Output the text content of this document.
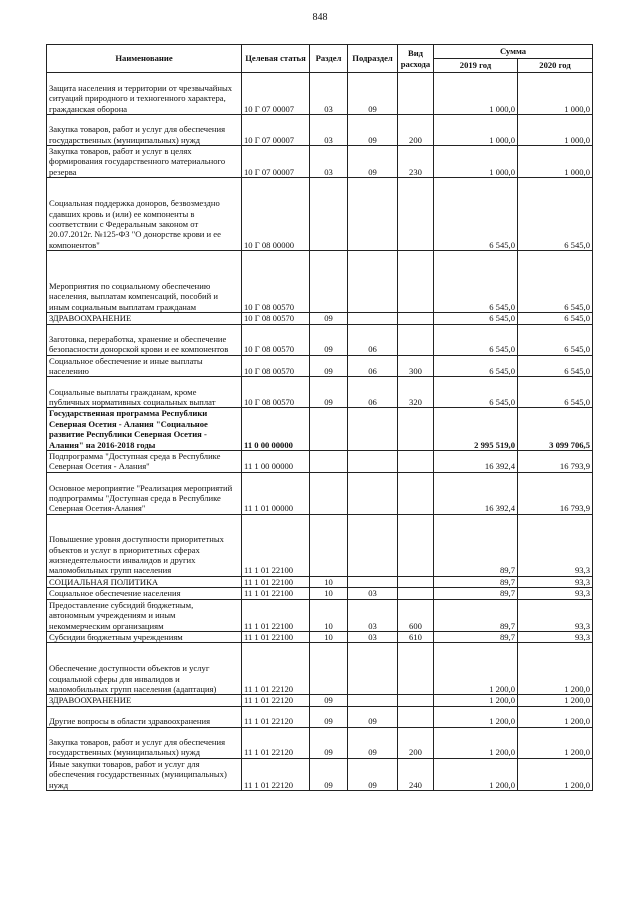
848
Наименование	Целевая статья	Раздел	Подраздел	Вид расхода	Сумма	
					2019 год	2020 год
Защита населения и территории от чрезвычайных ситуаций природного и техногенного характера, гражданская оборона	10 Г 07 00007	03	09		1 000,0	1 000,0
Закупка товаров, работ и услуг для обеспечения государственных (муниципальных) нужд	10 Г 07 00007	03	09	200	1 000,0	1 000,0
Закупка товаров, работ и услуг в целях формирования государственного материального резерва	10 Г 07 00007	03	09	230	1 000,0	1 000,0
Социальная поддержка доноров, безвозмездно сдавших кровь и (или) ее компоненты в соответствии с Федеральным законом от 20.07.2012г. №125-ФЗ "О донорстве крови и ее компонентов"	10 Г 08 00000				6 545,0	6 545,0
Мероприятия по социальному обеспечению населения, выплатам компенсаций, пособий и иным социальным выплатам гражданам	10 Г 08 00570				6 545,0	6 545,0
ЗДРАВООХРАНЕНИЕ	10 Г 08 00570	09			6 545,0	6 545,0
Заготовка, переработка, хранение и обеспечение безопасности донорской крови и ее компонентов	10 Г 08 00570	09	06		6 545,0	6 545,0
Социальное обеспечение и иные выплаты населению	10 Г 08 00570	09	06	300	6 545,0	6 545,0
Социальные выплаты гражданам, кроме публичных нормативных социальных выплат	10 Г 08 00570	09	06	320	6 545,0	6 545,0
Государственная программа Республики Северная Осетия - Алания "Социальное развитие Республики Северная Осетия - Алания" на 2016-2018 годы	11 0 00 00000				2 995 519,0	3 099 706,5
Подпрограмма "Доступная среда в Республике Северная Осетия - Алания"	11 1 00 00000				16 392,4	16 793,9
Основное мероприятие "Реализация мероприятий подпрограммы "Доступная среда в Республике Северная Осетия-Алания"	11 1 01 00000				16 392,4	16 793,9
Повышение уровня доступности приоритетных объектов и услуг в приоритетных сферах жизнедеятельности инвалидов и других маломобильных групп населения	11 1 01 22100				89,7	93,3
СОЦИАЛЬНАЯ ПОЛИТИКА	11 1 01 22100	10			89,7	93,3
Социальное обеспечение населения	11 1 01 22100	10	03		89,7	93,3
Предоставление субсидий бюджетным, автономным учреждениям и иным некоммерческим организациям	11 1 01 22100	10	03	600	89,7	93,3
Субсидии бюджетным учреждениям	11 1 01 22100	10	03	610	89,7	93,3
Обеспечение доступности объектов и услуг социальной сферы для инвалидов и маломобильных групп населения (адаптация)	11 1 01 22120				1 200,0	1 200,0
ЗДРАВООХРАНЕНИЕ	11 1 01 22120	09			1 200,0	1 200,0
Другие вопросы в области здравоохранения	11 1 01 22120	09	09		1 200,0	1 200,0
Закупка товаров, работ и услуг для обеспечения государственных (муниципальных) нужд	11 1 01 22120	09	09	200	1 200,0	1 200,0
Иные закупки товаров, работ и услуг для обеспечения государственных (муниципальных) нужд	11 1 01 22120	09	09	240	1 200,0	1 200,0
